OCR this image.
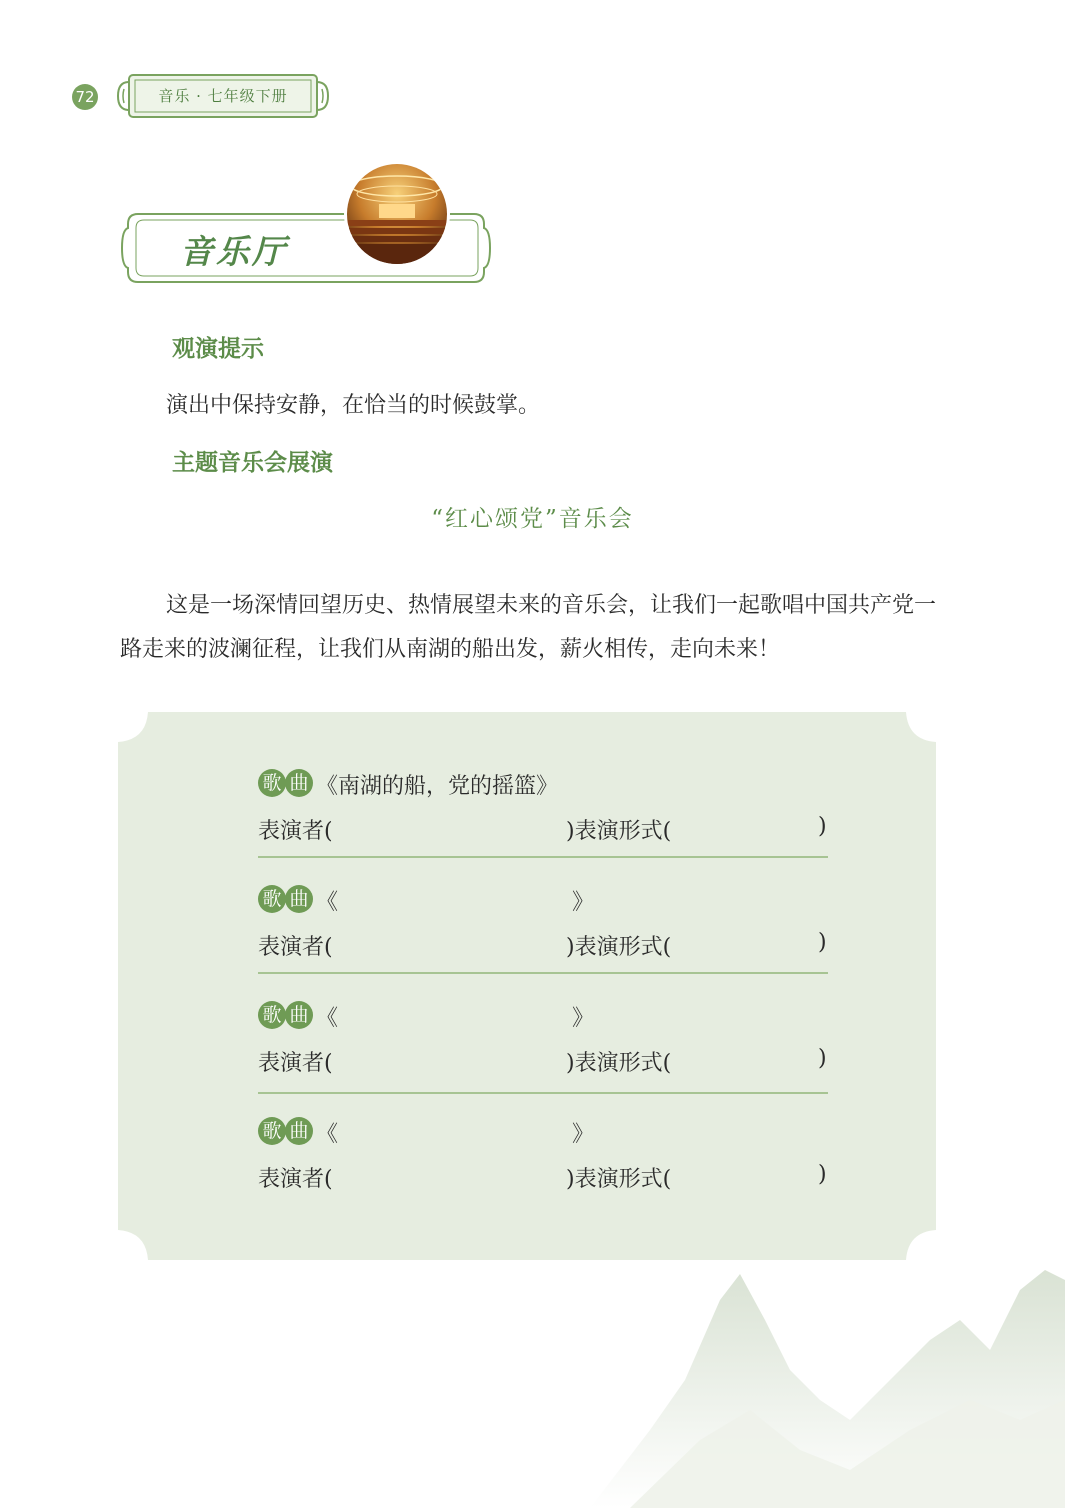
72	音乐 · 七年级下册
音乐厅
观演提示
演出中保持安静，在恰当的时候鼓掌。
主题音乐会展演
“红心颂党”音乐会
这是一场深情回望历史、热情展望未来的音乐会，让我们一起歌唱中国共产党一路走来的波澜征程，让我们从南湖的船出发，薪火相传，走向未来！
歌 曲 《 南湖的船，党的摇篮 》
表演者(	)表演形式(	)
歌 曲 《	》
表演者(	)表演形式(	)
歌 曲 《	》
表演者(	)表演形式(	)
歌 曲 《	》
表演者(	)表演形式(	)
